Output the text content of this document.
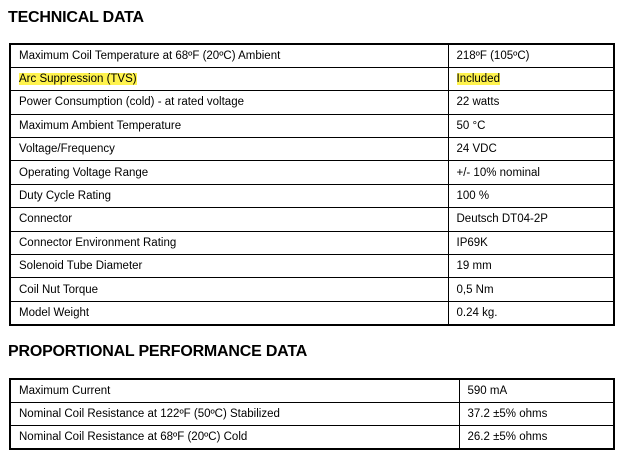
TECHNICAL DATA
Maximum Coil Temperature at 68ºF (20ºC) Ambient	218ºF (105ºC)
Arc Suppression (TVS)	Included
Power Consumption (cold) - at rated voltage	22 watts
Maximum Ambient Temperature	50 °C
Voltage/Frequency	24 VDC
Operating Voltage Range	+/- 10% nominal
Duty Cycle Rating	100 %
Connector	Deutsch DT04-2P
Connector Environment Rating	IP69K
Solenoid Tube Diameter	19 mm
Coil Nut Torque	0,5 Nm
Model Weight	0.24 kg.
PROPORTIONAL PERFORMANCE DATA
Maximum Current	590 mA
Nominal Coil Resistance at 122ºF (50ºC) Stabilized	37.2 ±5% ohms
Nominal Coil Resistance at 68ºF (20ºC) Cold	26.2 ±5% ohms
